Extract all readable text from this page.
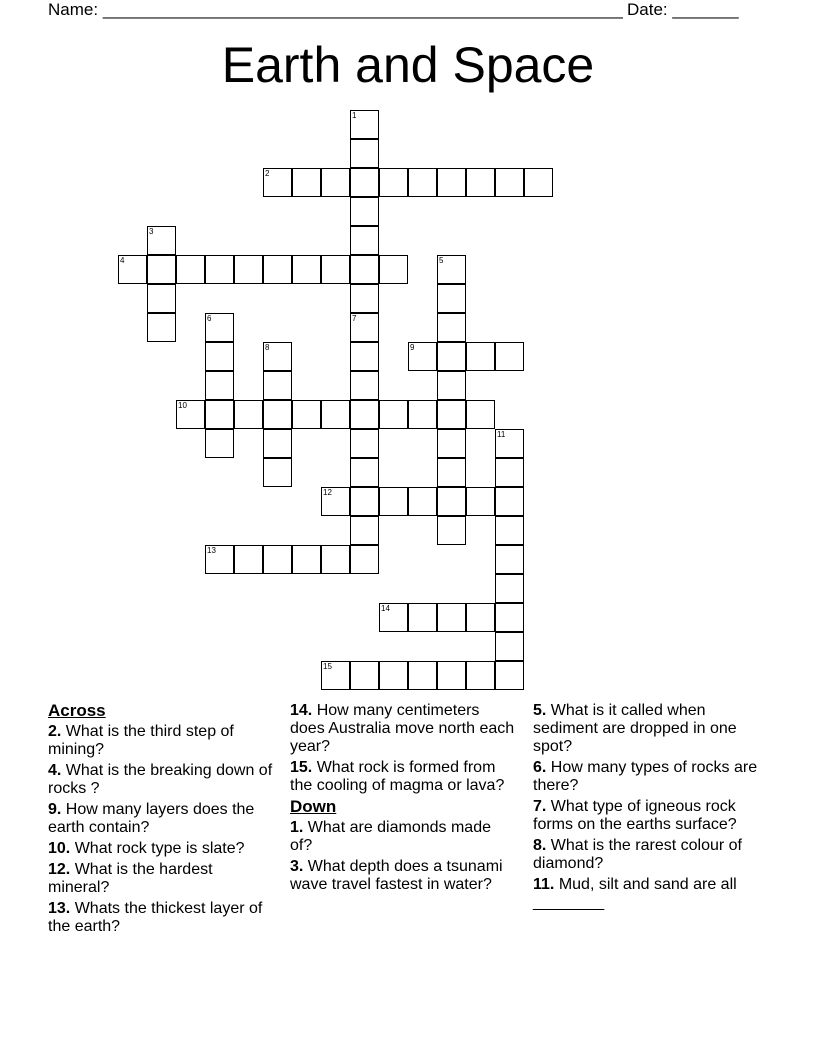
Name: _______________________________________________________ Date: _______
Earth and Space
1
7
2
3
4	5
6
8	9
10
11
12
13
14
15
Across
2. What is the third step of mining?
4. What is the breaking down of rocks ?
9. How many layers does the earth contain?
10. What rock type is slate?
12. What is the hardest mineral?
13. Whats the thickest layer of the earth?
14. How many centimeters does Australia move north each year?
15. What rock is formed from the cooling of magma or lava?
Down
1. What are diamonds made of?
3. What depth does a tsunami wave travel fastest in water?
5. What is it called when sediment are dropped in one spot?
6. How many types of rocks are there?
7. What type of igneous rock forms on the earths surface?
8. What is the rarest colour of diamond?
11. Mud, silt and sand are all ________
